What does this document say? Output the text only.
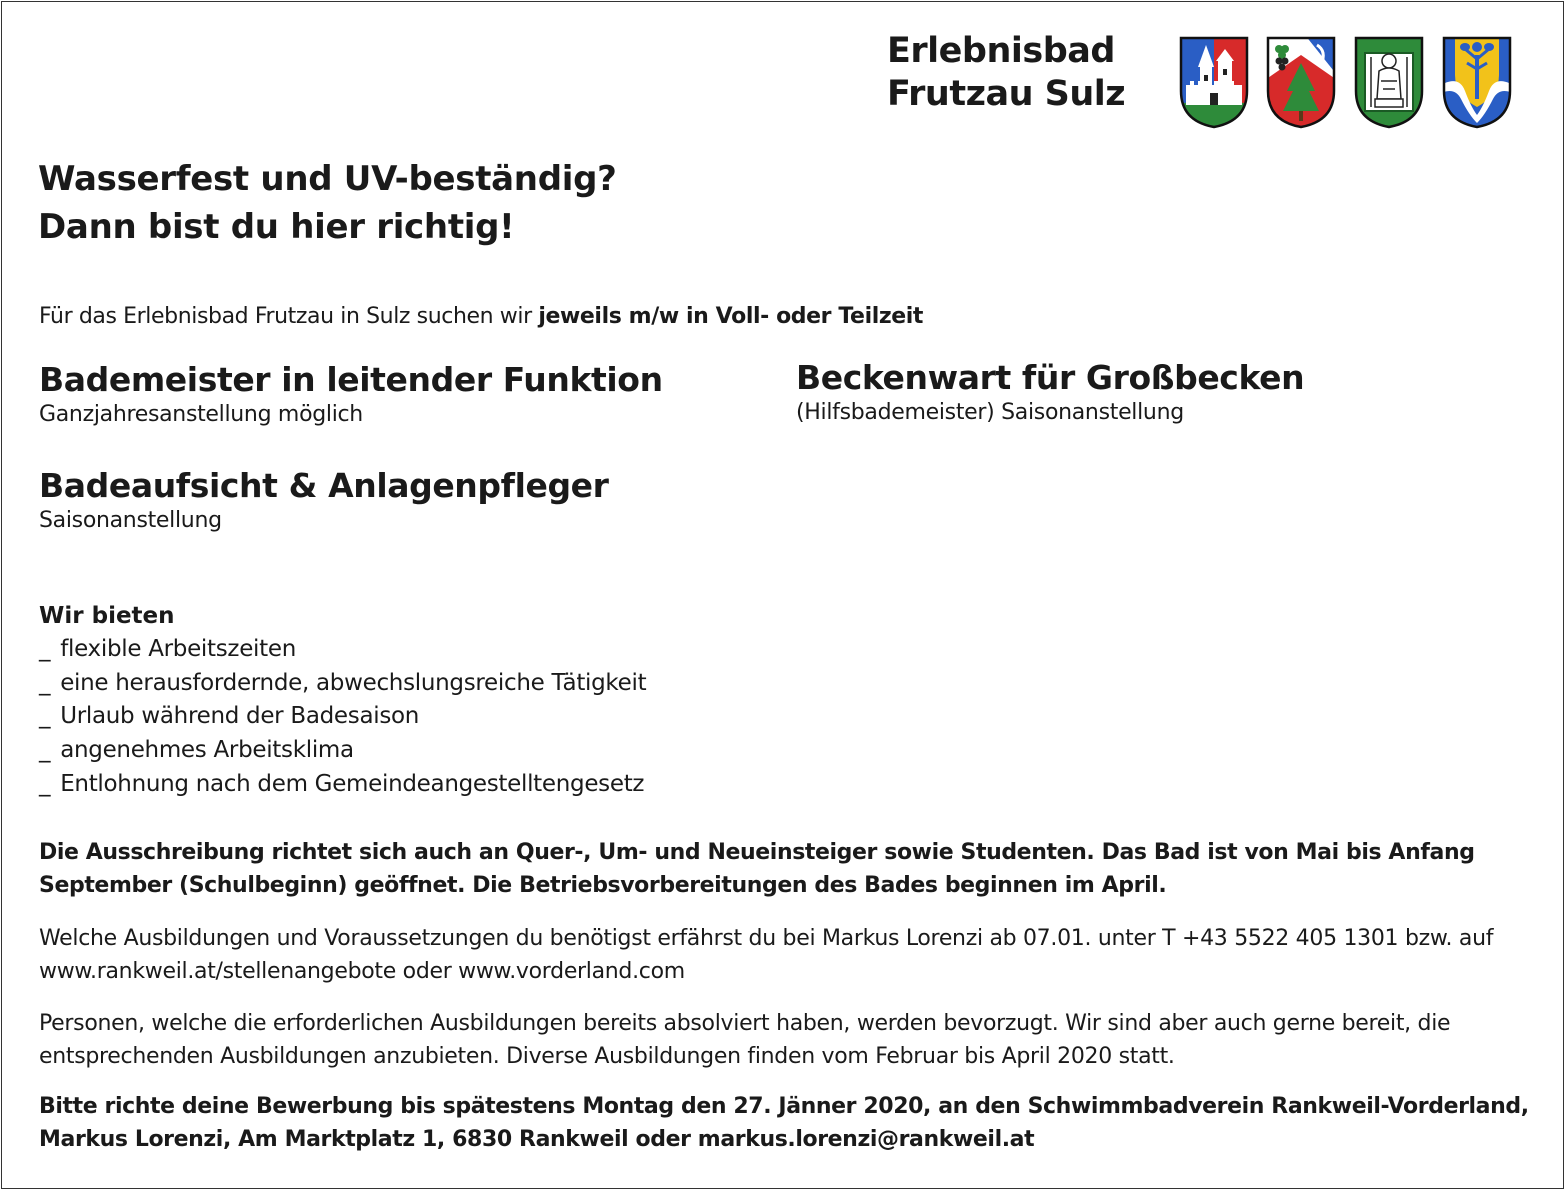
Erlebnisbad
Frutzau Sulz
Wasserfest und UV-beständig?
Dann bist du hier richtig!
Für das Erlebnisbad Frutzau in Sulz suchen wir jeweils m/w in Voll- oder Teilzeit
Bademeister in leitender Funktion
Ganzjahresanstellung möglich
Beckenwart für Großbecken
(Hilfsbademeister) Saisonanstellung
Badeaufsicht & Anlagenpfleger
Saisonanstellung
Wir bieten
_ flexible Arbeitszeiten
_ eine herausfordernde, abwechslungsreiche Tätigkeit
_ Urlaub während der Badesaison
_ angenehmes Arbeitsklima
_ Entlohnung nach dem Gemeindeangestelltengesetz
Die Ausschreibung richtet sich auch an Quer-, Um- und Neueinsteiger sowie Studenten. Das Bad ist von Mai bis Anfang September (Schulbeginn) geöffnet. Die Betriebsvorbereitungen des Bades beginnen im April.
Welche Ausbildungen und Voraussetzungen du benötigst erfährst du bei Markus Lorenzi ab 07.01. unter T +43 5522 405 1301 bzw. auf www.rankweil.at/stellenangebote oder www.vorderland.com
Personen, welche die erforderlichen Ausbildungen bereits absolviert haben, werden bevorzugt. Wir sind aber auch gerne bereit, die entsprechenden Ausbildungen anzubieten. Diverse Ausbildungen finden vom Februar bis April 2020 statt.
Bitte richte deine Bewerbung bis spätestens Montag den 27. Jänner 2020, an den Schwimmbadverein Rankweil-Vorderland, Markus Lorenzi, Am Marktplatz 1, 6830 Rankweil oder markus.lorenzi@rankweil.at
